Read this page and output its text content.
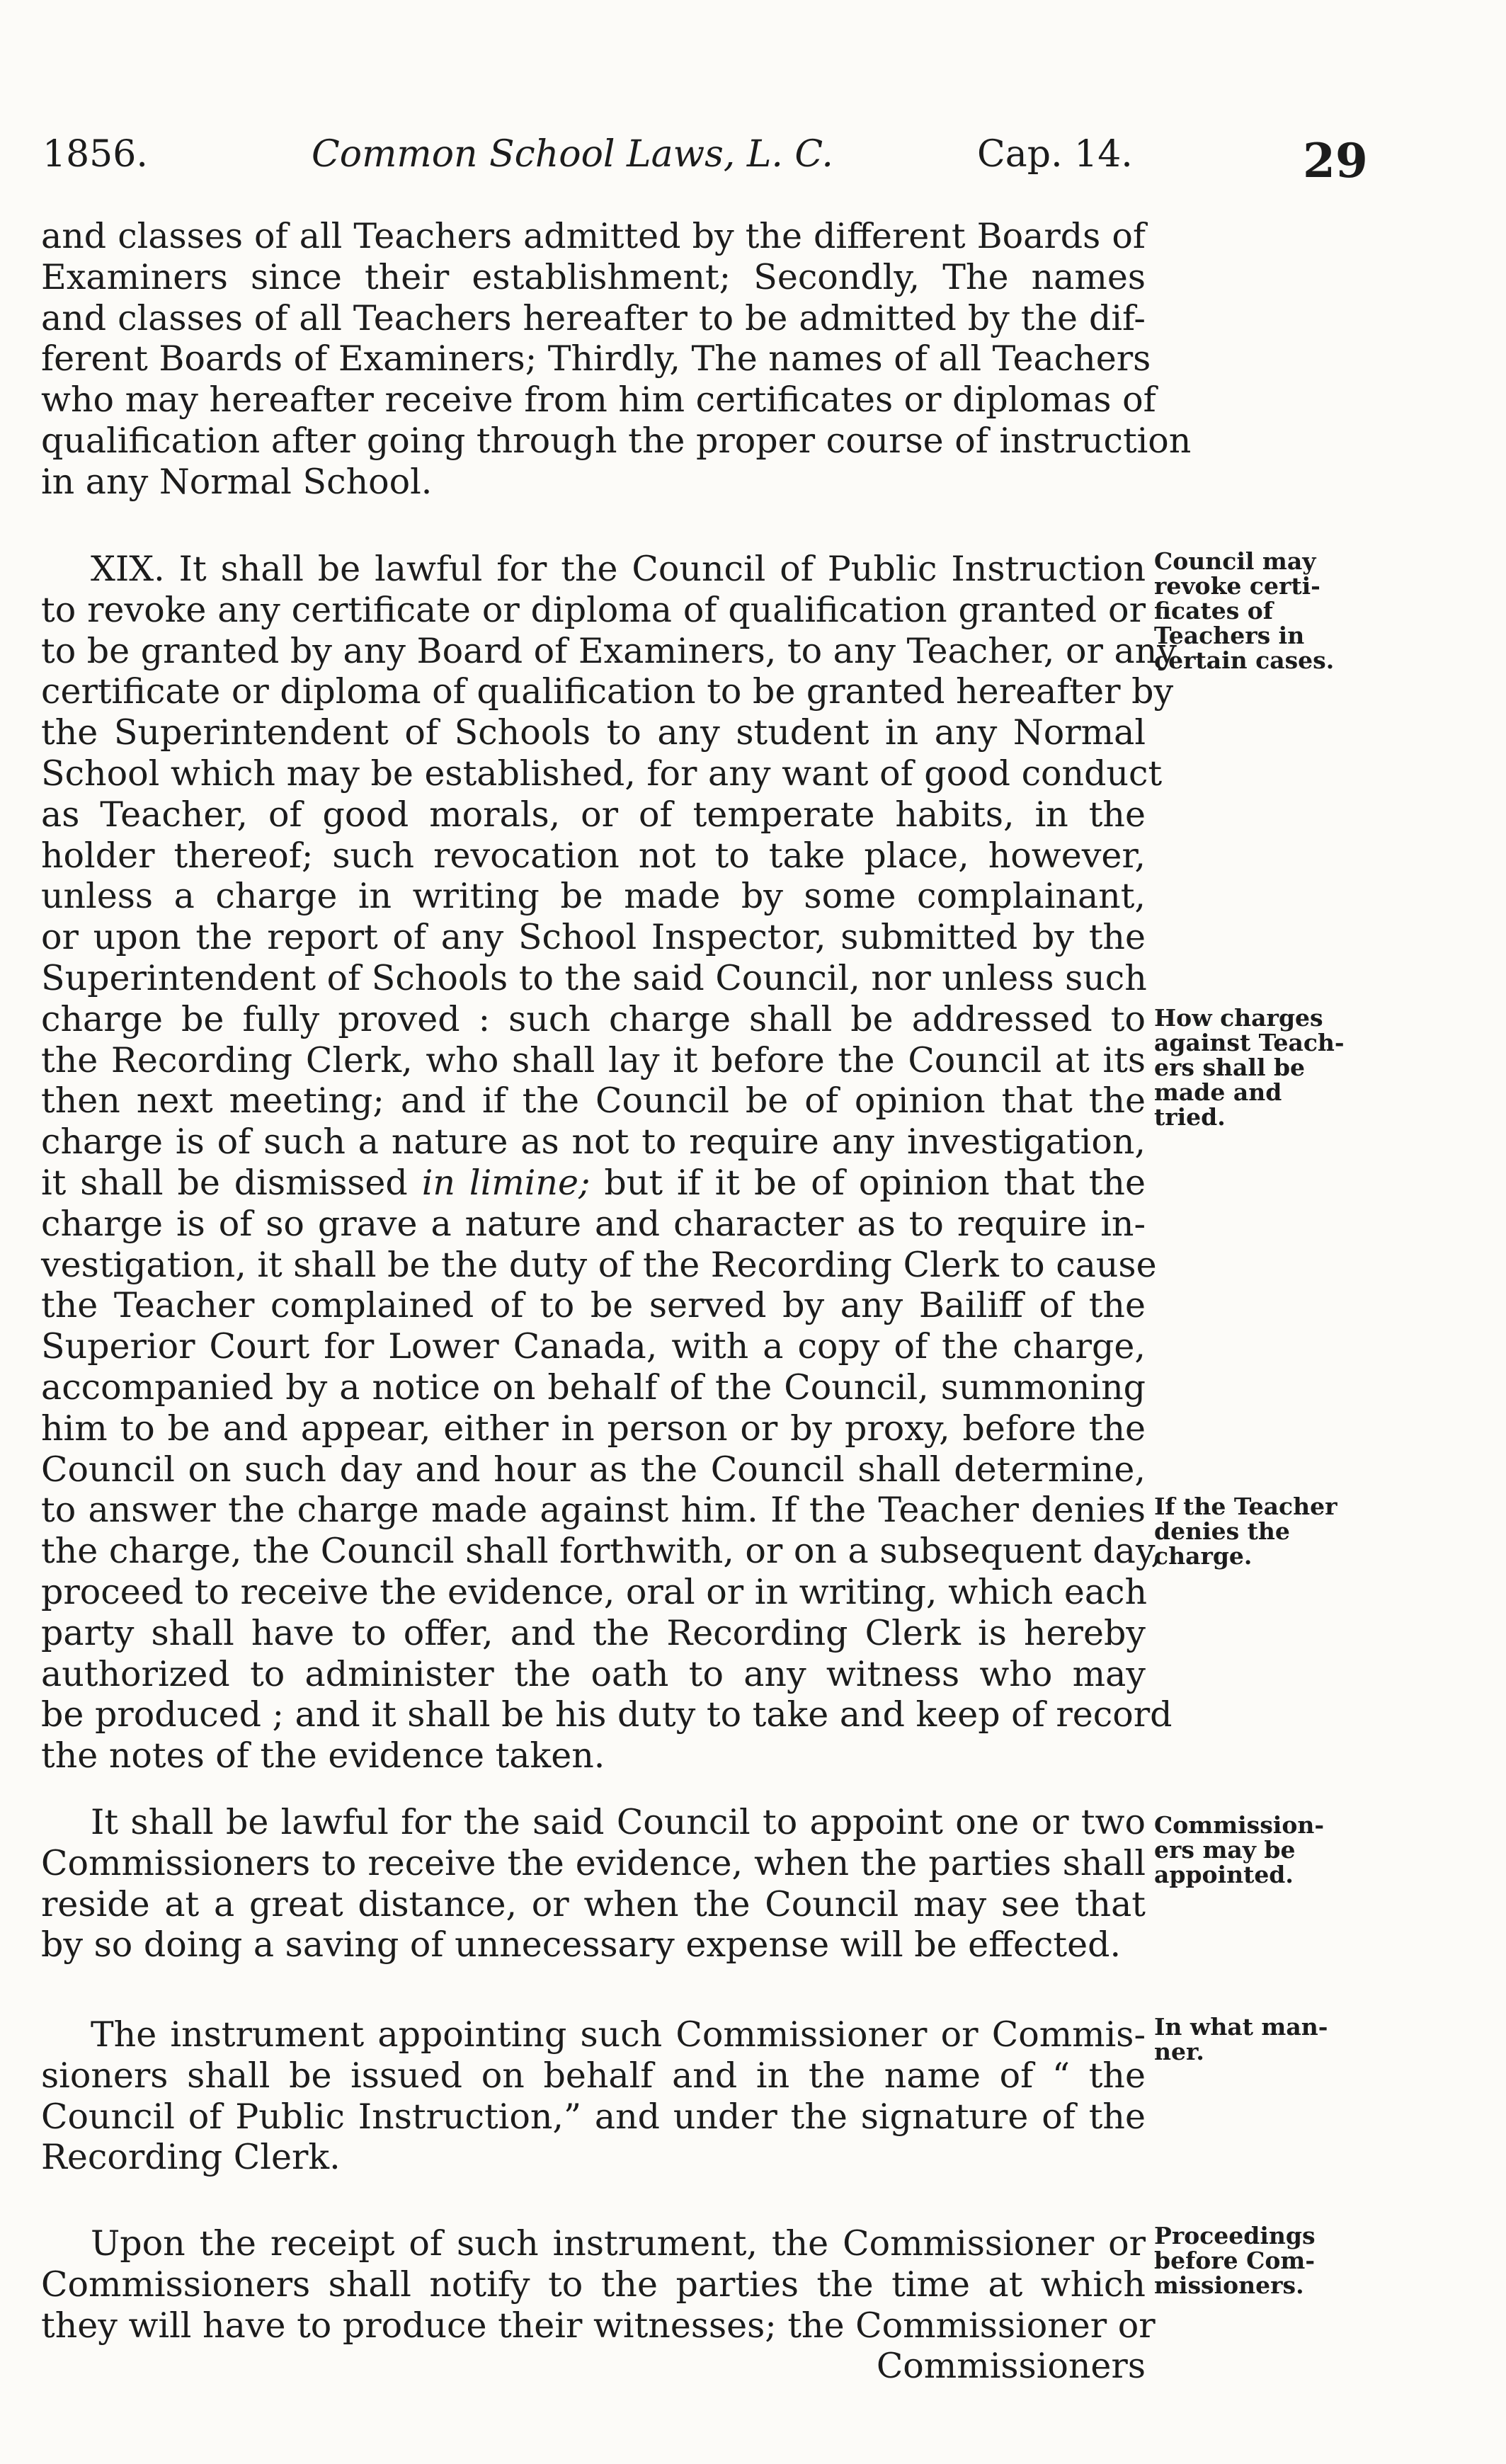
1856.	Common School Laws, L. C.	Cap. 14.	29
and classes of all Teachers admitted by the different Boards of
Examiners since their establishment; Secondly, The names
and classes of all Teachers hereafter to be admitted by the dif-
ferent Boards of Examiners; Thirdly, The names of all Teachers
who may hereafter receive from him certificates or diplomas of
qualification after going through the proper course of instruction
in any Normal School.
XIX. It shall be lawful for the Council of Public Instruction
to revoke any certificate or diploma of qualification granted or
to be granted by any Board of Examiners, to any Teacher, or any
certificate or diploma of qualification to be granted hereafter by
the Superintendent of Schools to any student in any Normal
School which may be established, for any want of good conduct
as Teacher, of good morals, or of temperate habits, in the
holder thereof; such revocation not to take place, however,
unless a charge in writing be made by some complainant,
or upon the report of any School Inspector, submitted by the
Superintendent of Schools to the said Council, nor unless such
charge be fully proved : such charge shall be addressed to
the Recording Clerk, who shall lay it before the Council at its
then next meeting; and if the Council be of opinion that the
charge is of such a nature as not to require any investigation,
it shall be dismissed in limine; but if it be of opinion that the
charge is of so grave a nature and character as to require in-
vestigation, it shall be the duty of the Recording Clerk to cause
the Teacher complained of to be served by any Bailiff of the
Superior Court for Lower Canada, with a copy of the charge,
accompanied by a notice on behalf of the Council, summoning
him to be and appear, either in person or by proxy, before the
Council on such day and hour as the Council shall determine,
to answer the charge made against him. If the Teacher denies
the charge, the Council shall forthwith, or on a subsequent day,
proceed to receive the evidence, oral or in writing, which each
party shall have to offer, and the Recording Clerk is hereby
authorized to administer the oath to any witness who may
be produced ; and it shall be his duty to take and keep of record
the notes of the evidence taken.
It shall be lawful for the said Council to appoint one or two
Commissioners to receive the evidence, when the parties shall
reside at a great distance, or when the Council may see that
by so doing a saving of unnecessary expense will be effected.
The instrument appointing such Commissioner or Commis-
sioners shall be issued on behalf and in the name of “ the
Council of Public Instruction,” and under the signature of the
Recording Clerk.
Upon the receipt of such instrument, the Commissioner or
Commissioners shall notify to the parties the time at which
they will have to produce their witnesses; the Commissioner or
Commissioners
Council may
revoke certi-
ficates of
Teachers in
certain cases.
How charges
against Teach-
ers shall be
made and
tried.
If the Teacher
denies the
charge.
Commission-
ers may be
appointed.
In what man-
ner.
Proceedings
before Com-
missioners.
